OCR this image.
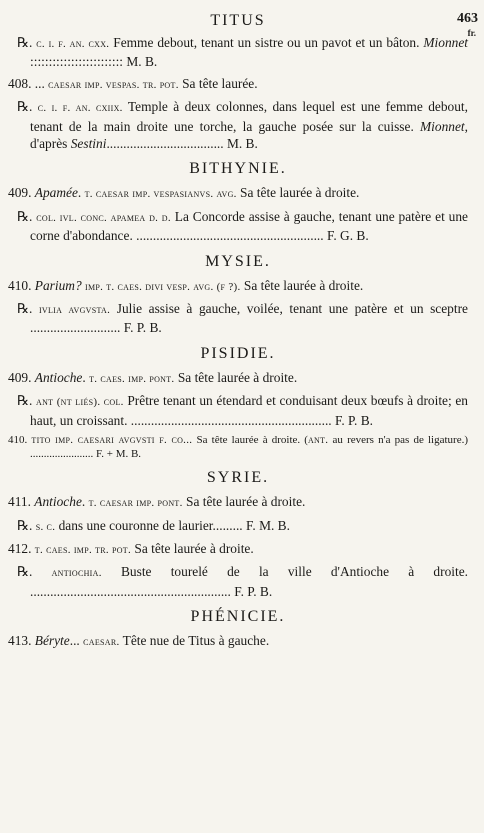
TITUS	463
fr.
℞. c. i. f. an. cxx. Femme debout, tenant un sistre ou un pavot et un bâton. Mionnet ::::::::::::::::::::::::: M. B.
408. ... caesar imp. vespas. tr. pot. Sa tête laurée.
℞. c. i. f. an. cxiix. Temple à deux colonnes, dans lequel est une femme debout, tenant de la main droite une torche, la gauche posée sur la cuisse. Mionnet, d'après Sestini................................... M. B.
BITHYNIE.
409. Apamée. t. caesar imp. vespasianvs. avg. Sa tête laurée à droite.
℞. col. ivl. conc. apamea d. d. La Concorde assise à gauche, tenant une patère et une corne d'abondance. ........................................................ F. G. B.
MYSIE.
410. Parium? imp. t. caes. divi vesp. avg. (f ?). Sa tête laurée à droite.
℞. ivlia avgvsta. Julie assise à gauche, voilée, tenant une patère et un sceptre ........................... F. P. B.
PISIDIE.
409. Antioche. t. caes. imp. pont. Sa tête laurée à droite.
℞. ant (nt liés). col. Prêtre tenant un étendard et conduisant deux bœufs à droite; en haut, un croissant. ............................................................ F. P. B.
410. tito imp. caesari avgvsti f. co... Sa tête laurée à droite. (ant. au revers n'a pas de ligature.) ....................... F. + M. B.
SYRIE.
411. Antioche. t. caesar imp. pont. Sa tête laurée à droite.
℞. s. c. dans une couronne de laurier......... F. M. B.
412. t. caes. imp. tr. pot. Sa tête laurée à droite.
℞. antiochia. Buste tourelé de la ville d'Antioche à droite. ............................................................ F. P. B.
PHÉNICIE.
413. Béryte... caesar. Tête nue de Titus à gauche.
